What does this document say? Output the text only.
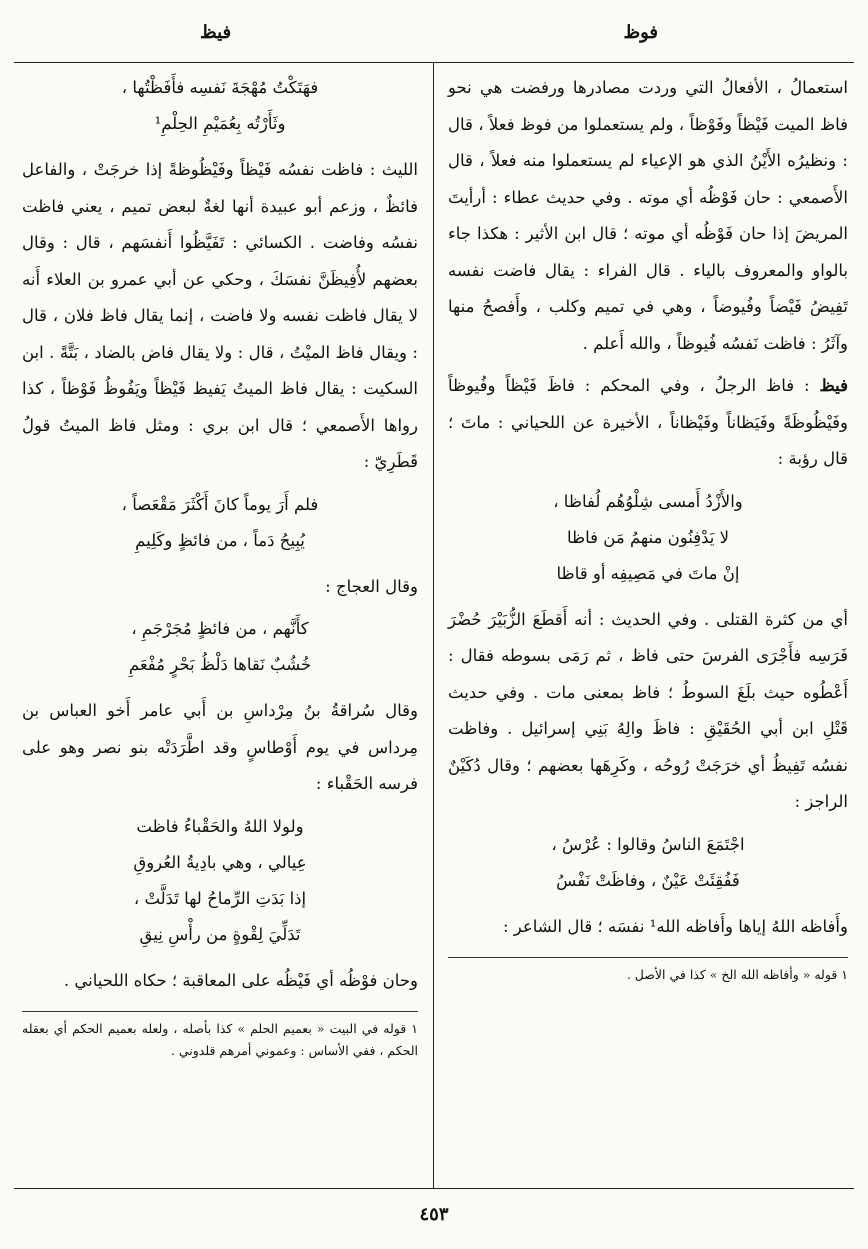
فوظ
فيظ

استعمالُ ، الأفعالُ التي وردت مصادرها ورفضت هي نحو فاظ الميت فَيْظاً وفَوْظاً ، ولم يستعملوا من فوظ فعلاً ، قال : ونظيرُه الأَيْنُ الذي هو الإعياء لم يستعملوا منه فعلاً ، قال الأَصمعي : حان فَوْظُه أي موته . وفي حديث عطاء : أرأيتَ المريضَ إذا حان فَوْظُه أي موته ؛ قال ابن الأثير : هكذا جاء بالواو والمعروف بالياء . قال الفراء : يقال فاضت نفسه تَفِيضُ فَيْضاً وفُيوضاً ، وهي في تميم وكلب ، وأَفصحُ منها وآثَرُ : فاظت نَفسُه فُيوظاً ، والله أَعلم .

فيظ : فاظ الرجلُ ، وفي المحكم : فاظَ فَيْظاً وفُيوظاً وفَيْظُوظَةً وفَيَظاناً وفَيْظاناً ، الأخيرة عن اللحياني : ماتَ ؛ قال رؤبة :

والأَزْدُ أَمسى شِلْوُهُم لُفاظا ،

لا يَدْفِنُون منهمُ مَن فاظا

إنْ ماتَ في مَصِيفِه أو قاظا

أي من كثرة القتلى . وفي الحديث : أنه أَقطَعَ الزُّبَيْرَ حُضْرَ فَرَسِه فأَجْرَى الفرسَ حتى فاظ ، ثم رَمَى بسوطه فقال : أَعْطُوه حيث بلَغَ السوطُ ؛ فاظ بمعنى مات . وفي حديث قَتْلِ ابن أبي الحُقَيْقِ : فاظَ والِهُ بَنِي إسرائيل . وفاظت نفسُه تَفِيظُ أي خرَجَتْ رُوحُه ، وكَرِهَها بعضهم ؛ وقال دُكَيْنٌ الراجز :

اجْتَمَعَ الناسُ وقالوا : عُرْسُ ،

فَفُقِئَتْ عَيْنٌ ، وفاظَتْ نَفْسُ

وأَفاظه اللهُ إياها وأَفاظه الله¹ نفسَه ؛ قال الشاعر :

١ قوله « وأفاظه الله الخ » كذا في الأصل .

فهَتَكْتُ مُهْجَةَ نَفسِه فأَفَظْتُها ،

وثَأَرْتُه بِعُمَيْمِ الحِلْمِ¹

الليث : فاظت نفسُه فَيْظاً وفَيْظُوظةً إذا خرجَتْ ، والفاعل فائظٌ ، وزعم أبو عبيدة أنها لغةٌ لبعض تميم ، يعني فاظت نفسُه وفاضت . الكسائي : تَفَيَّظُوا أَنفسَهم ، قال : وقال بعضهم لأُفِيظَنَّ نفسَكَ ، وحكي عن أبي عمرو بن العلاء أَنه لا يقال فاظت نفسه ولا فاضت ، إنما يقال فاظ فلان ، قال : ويقال فاظ الميْتُ ، قال : ولا يقال فاض بالضاد ، بَتَّةً . ابن السكيت : يقال فاظ الميتُ يَفيظ فَيْظاً ويَفُوظُ فَوْظاً ، كذا رواها الأَصمعي ؛ قال ابن بري : ومثل فاظ الميتُ قولُ قَطَرِيّ :

فلم أَرَ يوماً كانَ أَكْثَرَ مَقْعَصاً ،

يُبِيحُ دَماً ، من فائظٍ وكَلِيمِ

وقال العجاج :

كأَنَّهم ، من فائظٍ مُجَرْجَمِ ،

خُشُبٌ نَقاها دَلْظُ بَحْرٍ مُفْعَمِ

وقال سُراقةُ بنُ مِرْداسِ بن أَبي عامر أَخو العباس بن مِرداس في يوم أَوْطاسٍ وقد اطَّرَدَتْه بنو نصر وهو على فرسه الحَقْباء :

ولولا اللهُ والحَقْباءُ فاظت

عِيالي ، وهي بادِيةُ العُروقِ

إذا بَدَتِ الرِّماحُ لها تَدَلَّتْ ،

تَدَلِّيَ لِقْوةٍ من رأْسِ نِيقِ

وحان فوْظُه أي فَيْظُه على المعاقبة ؛ حكاه اللحياني .

١ قوله في البيت « بعميم الحلم » كذا بأصله ، ولعله بعميم الحكم أي بعقله الحكم ، ففي الأساس : وعموني أمرهم قلدوني .

٤٥٣
